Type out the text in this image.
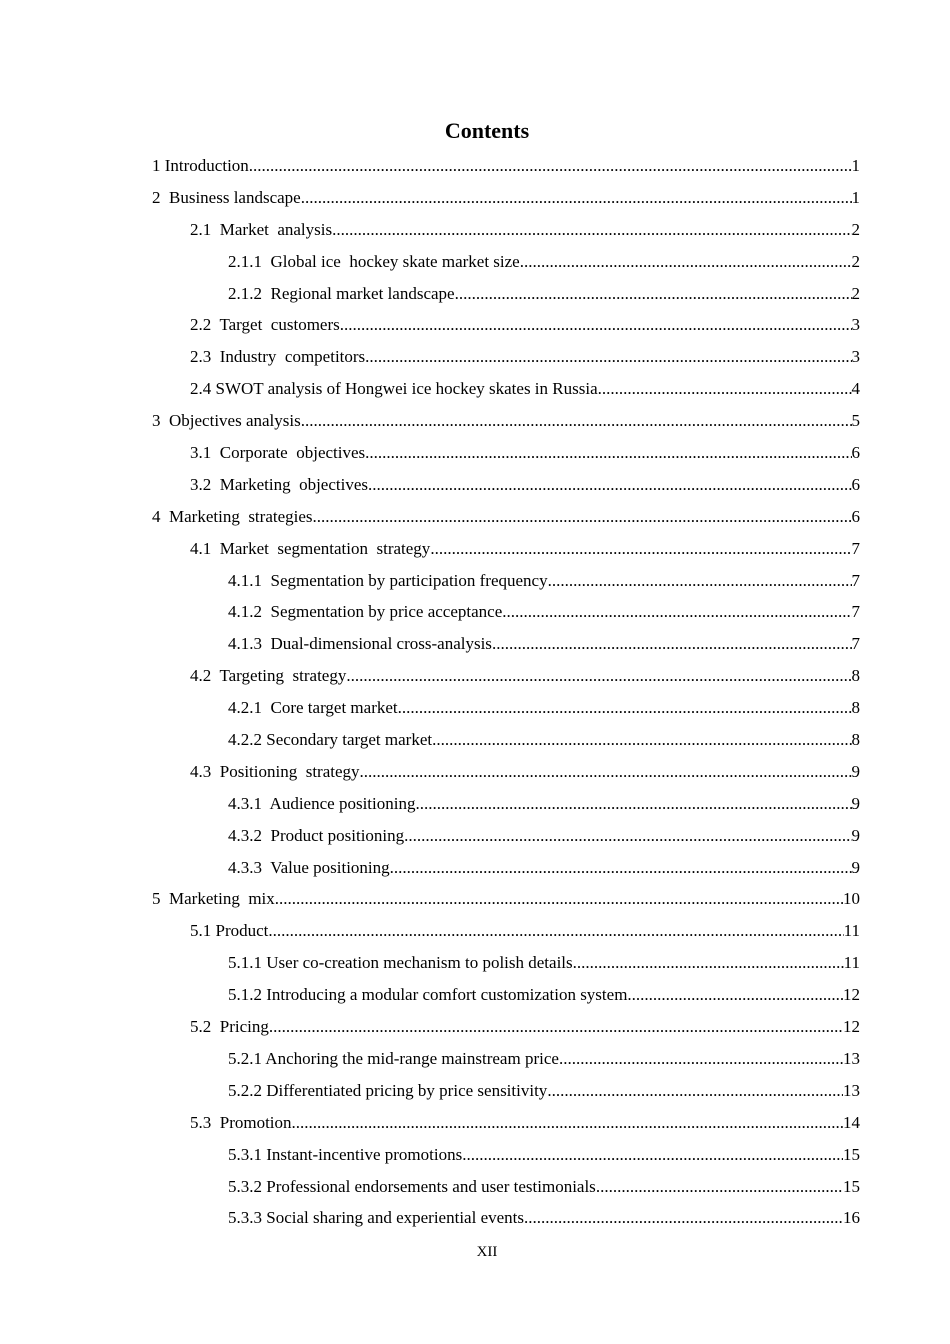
Contents
1 Introduction .....	1
2  Business landscape .....	1
2.1  Market  analysis .....	2
2.1.1  Global ice  hockey skate market size .....	2
2.1.2  Regional market landscape .....	2
2.2  Target  customers .....	3
2.3  Industry  competitors .....	3
2.4 SWOT analysis of Hongwei ice hockey skates in Russia .....	4
3  Objectives analysis .....	5
3.1  Corporate  objectives .....	6
3.2  Marketing  objectives .....	6
4  Marketing  strategies .....	6
4.1  Market  segmentation  strategy .....	7
4.1.1  Segmentation by participation frequency .....	7
4.1.2  Segmentation by price acceptance .....	7
4.1.3  Dual-dimensional cross-analysis .....	7
4.2  Targeting  strategy .....	8
4.2.1  Core target market .....	8
4.2.2 Secondary target market .....	8
4.3  Positioning  strategy .....	9
4.3.1  Audience positioning .....	9
4.3.2  Product positioning .....	9
4.3.3  Value positioning .....	9
5  Marketing  mix .....	10
5.1 Product .....	11
5.1.1 User co-creation mechanism to polish details .....	11
5.1.2 Introducing a modular comfort customization system .....	12
5.2  Pricing .....	12
5.2.1 Anchoring the mid-range mainstream price .....	13
5.2.2 Differentiated pricing by price sensitivity .....	13
5.3  Promotion .....	14
5.3.1 Instant-incentive promotions .....	15
5.3.2 Professional endorsements and user testimonials .....	15
5.3.3 Social sharing and experiential events .....	16
XII
